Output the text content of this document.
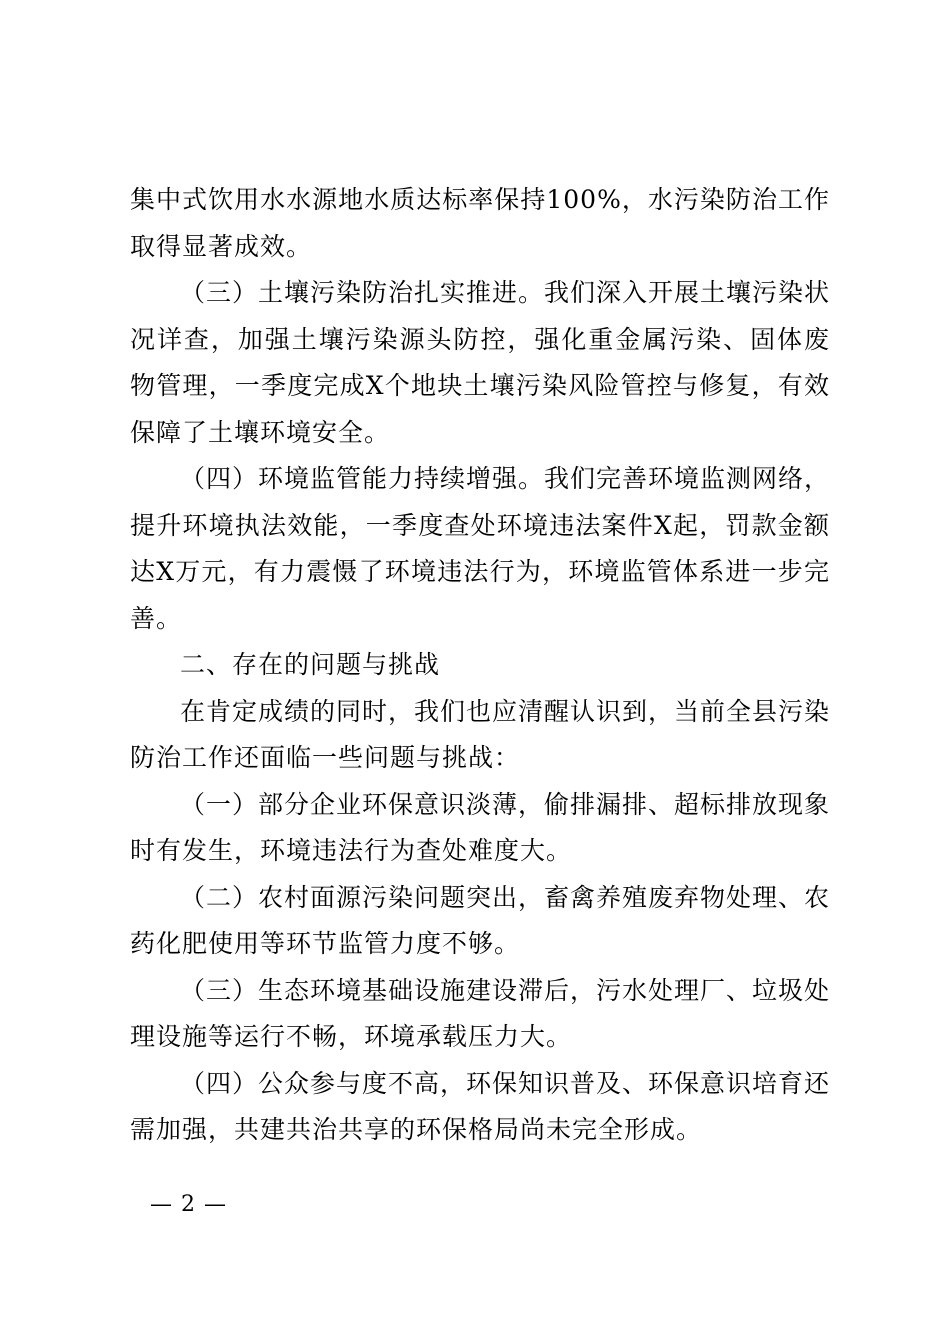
集中式饮用水水源地水质达标率保持100%，水污染防治工作取得显著成效。

（三）土壤污染防治扎实推进。我们深入开展土壤污染状况详查，加强土壤污染源头防控，强化重金属污染、固体废物管理，一季度完成X个地块土壤污染风险管控与修复，有效保障了土壤环境安全。

（四）环境监管能力持续增强。我们完善环境监测网络，提升环境执法效能，一季度查处环境违法案件X起，罚款金额达X万元，有力震慑了环境违法行为，环境监管体系进一步完善。

二、存在的问题与挑战

在肯定成绩的同时，我们也应清醒认识到，当前全县污染防治工作还面临一些问题与挑战：

（一）部分企业环保意识淡薄，偷排漏排、超标排放现象时有发生，环境违法行为查处难度大。

（二）农村面源污染问题突出，畜禽养殖废弃物处理、农药化肥使用等环节监管力度不够。

（三）生态环境基础设施建设滞后，污水处理厂、垃圾处理设施等运行不畅，环境承载压力大。

（四）公众参与度不高，环保知识普及、环保意识培育还需加强，共建共治共享的环保格局尚未完全形成。

— 2 —
